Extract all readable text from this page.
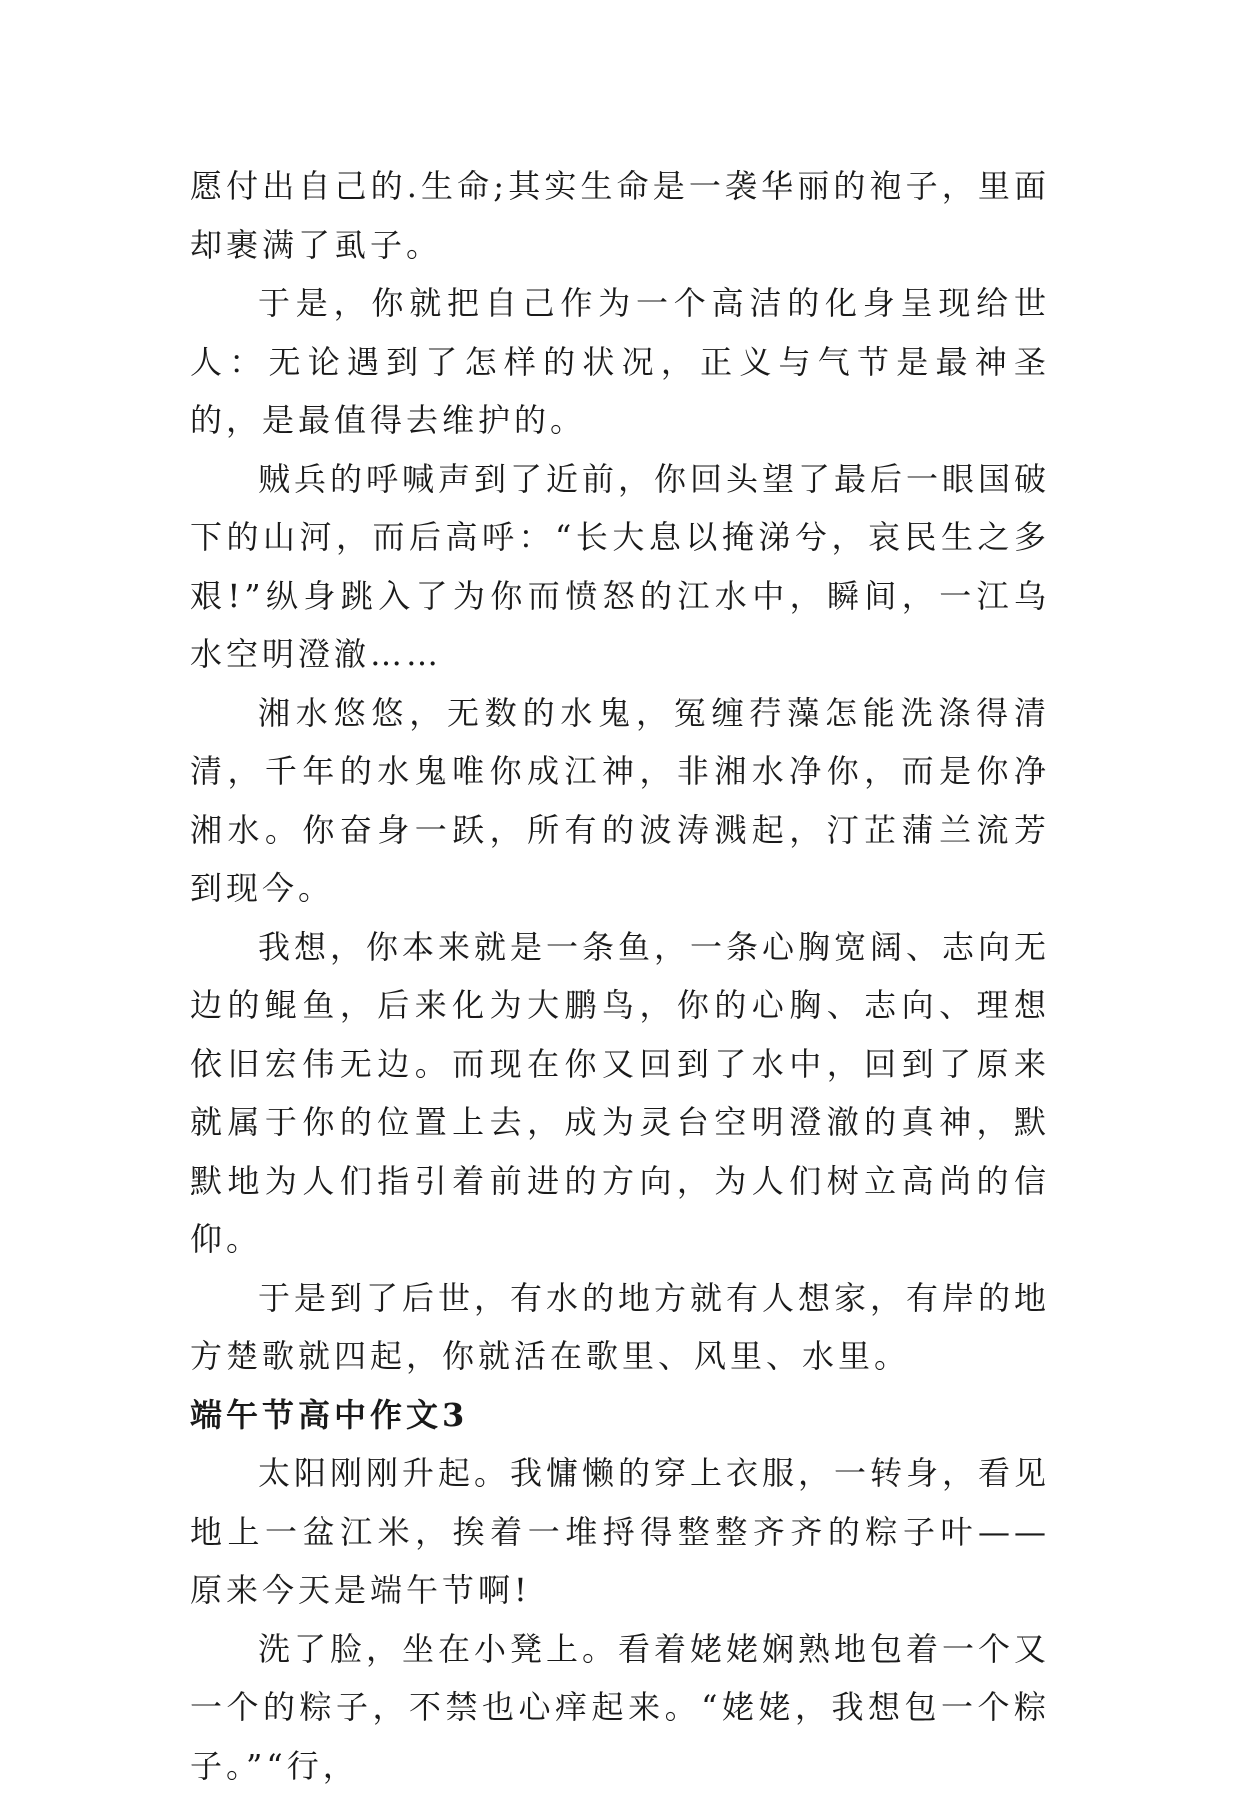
愿付出自己的.生命;其实生命是一袭华丽的袍子，里面却裹满了虱子。

于是，你就把自己作为一个高洁的化身呈现给世人：无论遇到了怎样的状况，正义与气节是最神圣的，是最值得去维护的。

贼兵的呼喊声到了近前，你回头望了最后一眼国破下的山河，而后高呼：“长大息以掩涕兮，哀民生之多艰!”纵身跳入了为你而愤怒的江水中，瞬间，一江乌水空明澄澈……

湘水悠悠，无数的水鬼，冤缠荇藻怎能洗涤得清清，千年的水鬼唯你成江神，非湘水净你，而是你净湘水。你奋身一跃，所有的波涛溅起，汀芷蒲兰流芳到现今。

我想，你本来就是一条鱼，一条心胸宽阔、志向无边的鲲鱼，后来化为大鹏鸟，你的心胸、志向、理想依旧宏伟无边。而现在你又回到了水中，回到了原来就属于你的位置上去，成为灵台空明澄澈的真神，默默地为人们指引着前进的方向，为人们树立高尚的信仰。

于是到了后世，有水的地方就有人想家，有岸的地方楚歌就四起，你就活在歌里、风里、水里。

端午节高中作文3

太阳刚刚升起。我慵懒的穿上衣服，一转身，看见地上一盆江米，挨着一堆捋得整整齐齐的粽子叶——原来今天是端午节啊!

洗了脸，坐在小凳上。看着姥姥娴熟地包着一个又一个的粽子，不禁也心痒起来。“姥姥，我想包一个粽子。”“行，
